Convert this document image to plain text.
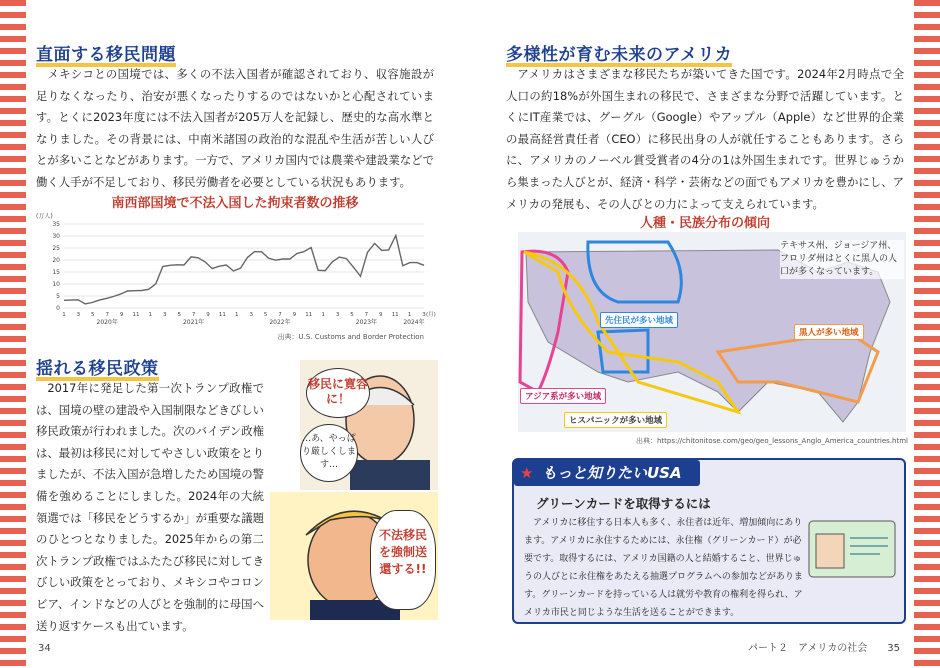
直面する移民問題

メキシコとの国境では、多くの不法入国者が確認されており、収容施設が足りなくなったり、治安が悪くなったりするのではないかと心配されています。とくに2023年度には不法入国者が205万人を記録し、歴史的な高水準となりました。その背景には、中南米諸国の政治的な混乱や生活が苦しい人びとが多いことなどがあります。一方で、アメリカ国内では農業や建設業などで働く人手が不足しており、移民労働者を必要としている状況もあります。

南西部国境で不法入国した拘束者数の推移
(万人)
0
5
10
15
20
25
30
35
1 3 5 7 9 11 1 3 5 7 9 11 1 3 5 7 9 11 1 3 5 7 9 11 1 3 (月)
2020年	2021年	2022年	2023年	2024年
出典：U.S. Customs and Border Protection
揺れる移民政策

2017年に発足した第一次トランプ政権では、国境の壁の建設や入国制限などきびしい移民政策が行われました。次のバイデン政権は、最初は移民に対してやさしい政策をとりましたが、不法入国が急増したため国境の警備を強めることにしました。2024年の大統領選では「移民をどうするか」が重要な議題のひとつとなりました。2025年からの第二次トランプ政権ではふたたび移民に対してきびしい政策をとっており、メキシコやコロンビア、インドなどの人びとを強制的に母国へ送り返すケースも出ています。

移民に寛容に！
…あ、やっぱり厳しくします…
不法移民を強制送還する!!
34
多様性が育む未来のアメリカ

アメリカはさまざまな移民たちが築いてきた国です。2024年2月時点で全人口の約18%が外国生まれの移民で、さまざまな分野で活躍しています。とくにIT産業では、グーグル（Google）やアップル（Apple）など世界的企業の最高経営責任者（CEO）に移民出身の人が就任することもあります。さらに、アメリカのノーベル賞受賞者の4分の1は外国生まれです。世界じゅうから集まった人びとが、経済・科学・芸術などの面でもアメリカを豊かにし、アメリカの発展も、その人びとの力によって支えられています。

人種・民族分布の傾向
先住民が多い地域
黒人が多い地域
アジア系が多い地域
ヒスパニックが多い地域
テキサス州、ジョージア州、フロリダ州はとくに黒人の人口が多くなっています。
出典：https://chitonitose.com/geo/geo_lessons_Anglo_America_countries.html
★ もっと知りたいUSA
グリーンカードを取得するには

アメリカに移住する日本人も多く、永住者は近年、増加傾向にあります。アメリカに永住するためには、永住権（グリーンカード）が必要です。取得するには、アメリカ国籍の人と結婚すること、世界じゅうの人びとに永住権をあたえる抽選プログラムへの参加などがあります。グリーンカードを持っている人は就労や教育の権利を得られ、アメリカ市民と同じような生活を送ることができます。

パート２　アメリカの社会　　 35
